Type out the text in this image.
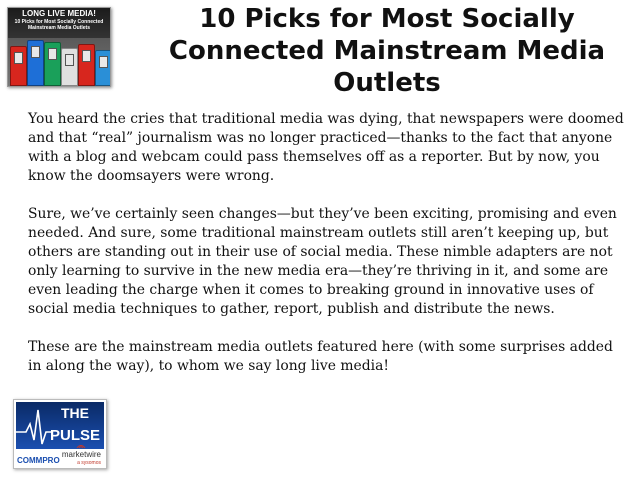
LONG LIVE MEDIA!
10 Picks for Most Socially Connected
Mainstream Media Outlets	10 Picks for Most Socially
Connected Mainstream Media
Outlets

You heard the cries that traditional media was dying, that newspapers were doomed and that “real” journalism was no longer practiced—thanks to the fact that anyone with a blog and webcam could pass themselves off as a reporter. But by now, you know the doomsayers were wrong.

Sure, we’ve certainly seen changes—but they’ve been exciting, promising and even needed. And sure, some traditional mainstream outlets still aren’t keeping up, but others are standing out in their use of social media. These nimble adapters are not only learning to survive in the new media era—they’re thriving in it, and some are even leading the charge when it comes to breaking ground in innovative uses of social media techniques to gather, report, publish and distribute the news.

These are the mainstream media outlets featured here (with some surprises added in along the way), to whom we say long live media!

THE
PULSE
COMMPRO
marketwire
a sysomos
